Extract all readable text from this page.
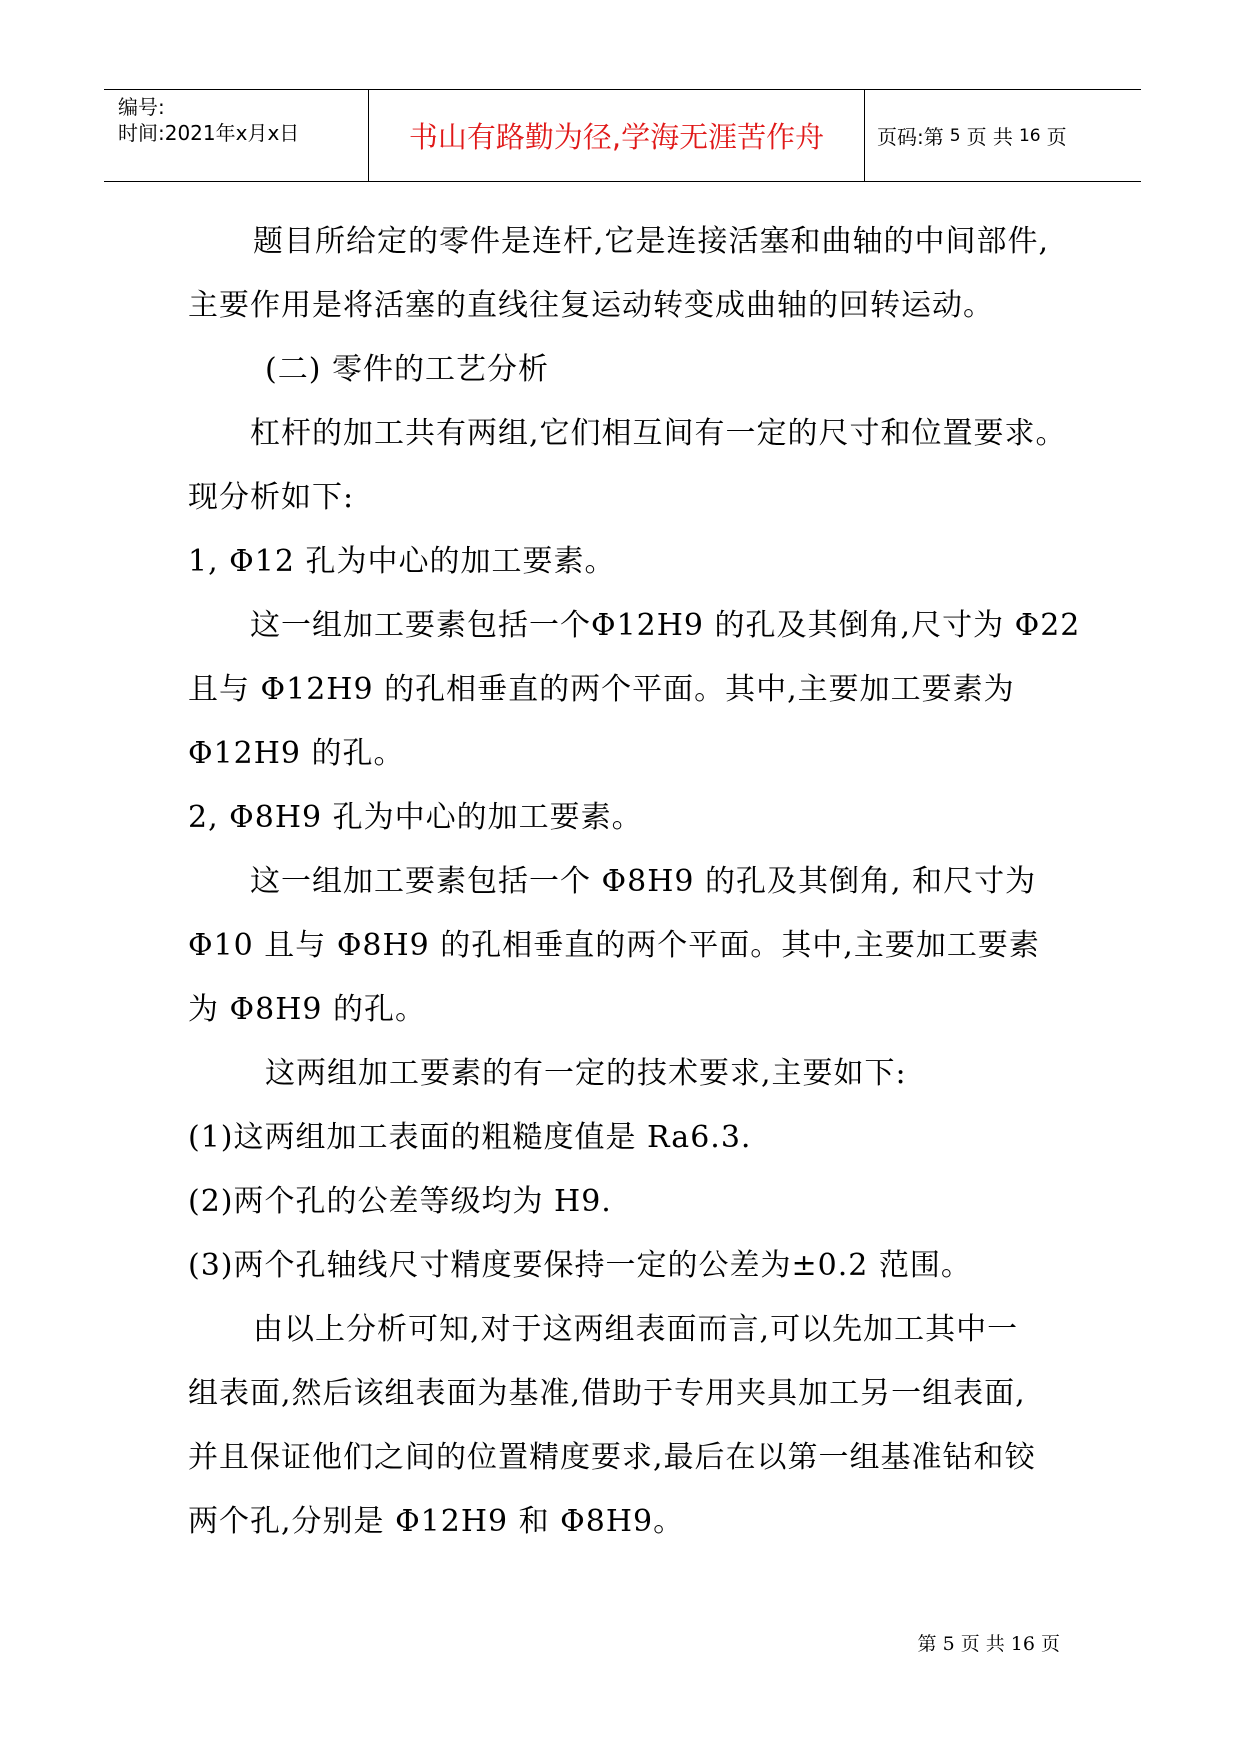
编号:
时间:2021年x月x日	书山有路勤为径,学海无涯苦作舟	页码:第 5 页 共 16 页
题目所给定的零件是连杆,它是连接活塞和曲轴的中间部件,
主要作用是将活塞的直线往复运动转变成曲轴的回转运动。
(二) 零件的工艺分析
杠杆的加工共有两组,它们相互间有一定的尺寸和位置要求。
现分析如下:
1, Φ12 孔为中心的加工要素。
这一组加工要素包括一个Φ12H9 的孔及其倒角,尺寸为 Φ22
且与 Φ12H9 的孔相垂直的两个平面。其中,主要加工要素为
Φ12H9 的孔。
2, Φ8H9 孔为中心的加工要素。
这一组加工要素包括一个 Φ8H9 的孔及其倒角, 和尺寸为
Φ10 且与 Φ8H9 的孔相垂直的两个平面。其中,主要加工要素
为 Φ8H9 的孔。
这两组加工要素的有一定的技术要求,主要如下:
(1)这两组加工表面的粗糙度值是 Ra6.3.
(2)两个孔的公差等级均为 H9.
(3)两个孔轴线尺寸精度要保持一定的公差为±0.2 范围。
由以上分析可知,对于这两组表面而言,可以先加工其中一
组表面,然后该组表面为基准,借助于专用夹具加工另一组表面,
并且保证他们之间的位置精度要求,最后在以第一组基准钻和铰
两个孔,分别是 Φ12H9 和 Φ8H9。
第 5 页 共 16 页
